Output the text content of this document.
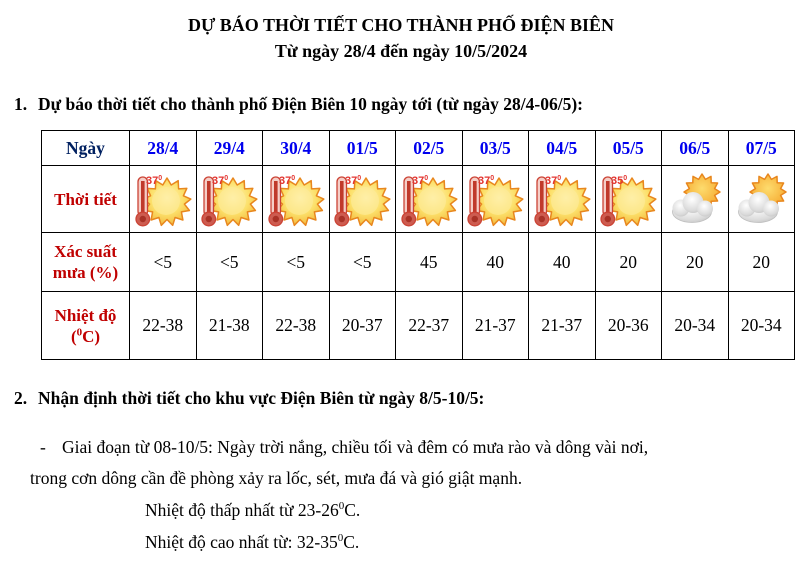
DỰ BÁO THỜI TIẾT CHO THÀNH PHỐ ĐIỆN BIÊN
Từ ngày 28/4 đến ngày 10/5/2024
1. Dự báo thời tiết cho thành phố Điện Biên 10 ngày tới (từ ngày 28/4-06/5):
Ngày	28/4	29/4	30/4	01/5	02/5	03/5	04/5	05/5	06/5	07/5
Thời tiết	$37^0$	$37^0$	$37^0$	$37^0$	$37^0$	$37^0$	$37^0$	$35^0$

Xác suất mưa (%)	<5	<5	<5	<5	45	40	40	20	20	20

Nhiệt độ
($^0$C)	22-38	21-38	22-38	20-37	22-37	21-37	21-37	20-36	20-34	20-34
2. Nhận định thời tiết cho khu vực Điện Biên từ ngày 8/5-10/5:
- Giai đoạn từ 08-10/5: Ngày trời nắng, chiều tối và đêm có mưa rào và dông vài nơi,
trong cơn dông cần đề phòng xảy ra lốc, sét, mưa đá và gió giật mạnh.
Nhiệt độ thấp nhất từ $23-26^0C$.
Nhiệt độ cao nhất từ: $32-35^0C$.
